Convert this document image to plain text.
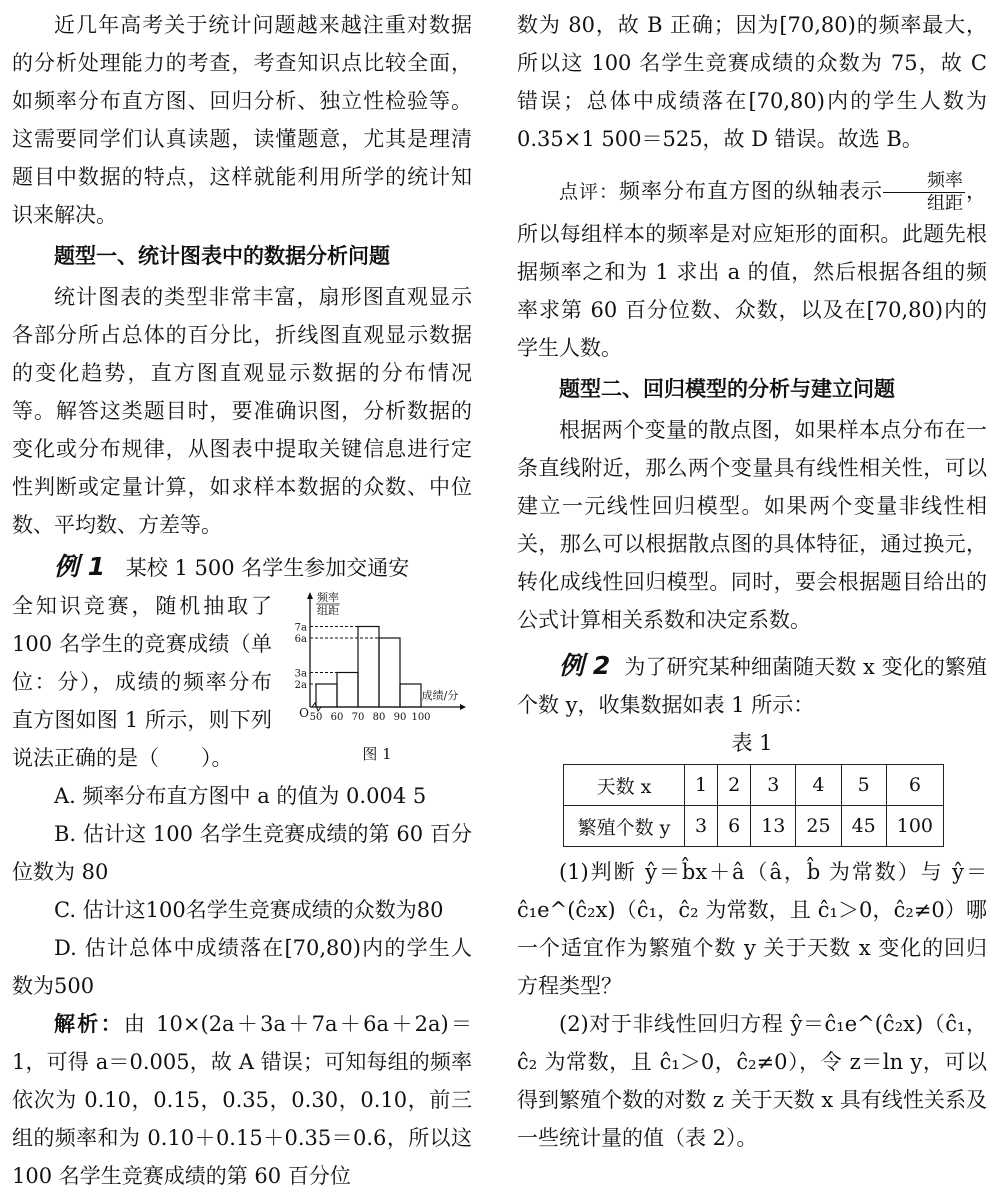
近几年高考关于统计问题越来越注重对数据的分析处理能力的考查，考查知识点比较全面，如频率分布直方图、回归分析、独立性检验等。这需要同学们认真读题，读懂题意，尤其是理清题目中数据的特点，这样就能利用所学的统计知识来解决。

题型一、统计图表中的数据分析问题

统计图表的类型非常丰富，扇形图直观显示各部分所占总体的百分比，折线图直观显示数据的变化趋势，直方图直观显示数据的分布情况等。解答这类题目时，要准确识图，分析数据的变化或分布规律，从图表中提取关键信息进行定性判断或定量计算，如求样本数据的众数、中位数、平均数、方差等。

例 1 某校 1 500 名学生参加交通安

频率
组距
O
7a
6a
3a
2a
50 60 70 80 90 100
成绩/分
图 1

全知识竞赛，随机抽取了 100 名学生的竞赛成绩（单位：分），成绩的频率分布直方图如图 1 所示，则下列说法正确的是（　　）。

A. 频率分布直方图中 a 的值为 0.004 5

B. 估计这 100 名学生竞赛成绩的第 60 百分位数为 80

C. 估计这100名学生竞赛成绩的众数为80

D. 估计总体中成绩落在[70,80)内的学生人数为500

解析：由 10×(2a＋3a＋7a＋6a＋2a)＝1，可得 a＝0.005，故 A 错误；可知每组的频率依次为 0.10，0.15，0.35，0.30，0.10，前三组的频率和为 0.10＋0.15＋0.35＝0.6，所以这 100 名学生竞赛成绩的第 60 百分位

数为 80，故 B 正确；因为[70,80)的频率最大，所以这 100 名学生竞赛成绩的众数为 75，故 C 错误；总体中成绩落在[70,80)内的学生人数为 0.35×1 500＝525，故 D 错误。故选 B。

点评：频率分布直方图的纵轴表示 $\frac{\text{频率}}{\text{组距}}$ ，所以每组样本的频率是对应矩形的面积。此题先根据频率之和为 1 求出 a 的值，然后根据各组的频率求第 60 百分位数、众数，以及在[70,80)内的学生人数。

题型二、回归模型的分析与建立问题

根据两个变量的散点图，如果样本点分布在一条直线附近，那么两个变量具有线性相关性，可以建立一元线性回归模型。如果两个变量非线性相关，那么可以根据散点图的具体特征，通过换元，转化成线性回归模型。同时，要会根据题目给出的公式计算相关系数和决定系数。

例 2 为了研究某种细菌随天数 x 变化的繁殖个数 y，收集数据如表 1 所示：

表 1
天数 x	1	2	3	4	5	6
繁殖个数 y	3	6	13	25	45	100

(1)判断 ŷ＝b̂x＋â（â，b̂ 为常数）与 ŷ＝ĉ₁e^(ĉ₂x)（ĉ₁，ĉ₂ 为常数，且 ĉ₁＞0，ĉ₂≠0）哪一个适宜作为繁殖个数 y 关于天数 x 变化的回归方程类型？

(2)对于非线性回归方程 ŷ＝ĉ₁e^(ĉ₂x)（ĉ₁，ĉ₂ 为常数，且 ĉ₁＞0，ĉ₂≠0），令 z＝ln y，可以得到繁殖个数的对数 z 关于天数 x 具有线性关系及一些统计量的值（表 2）。
